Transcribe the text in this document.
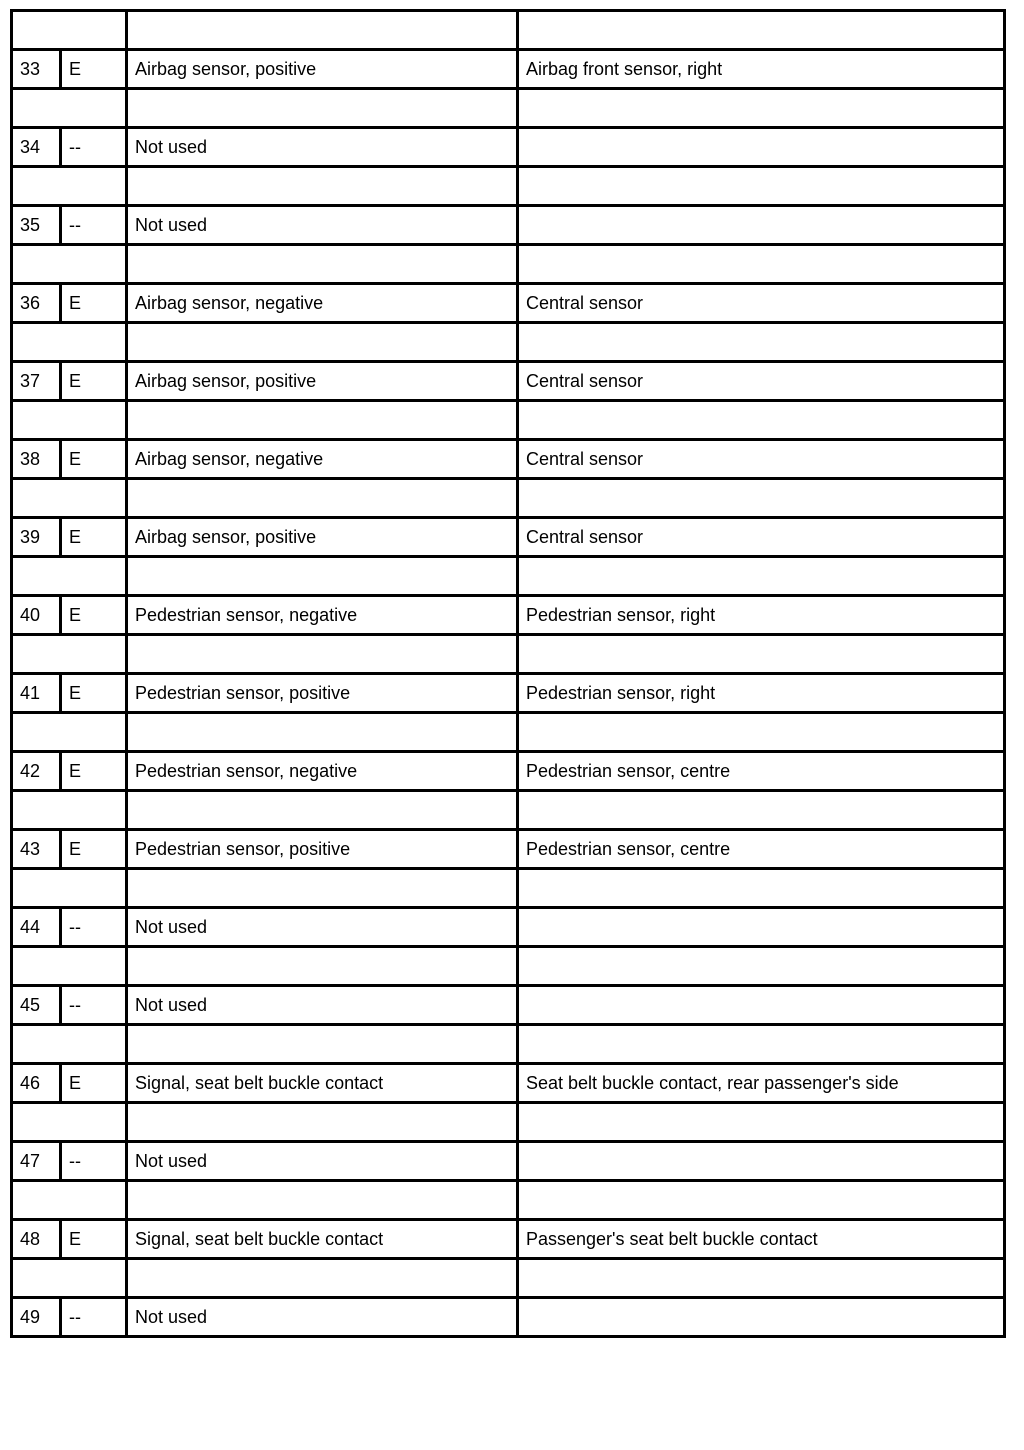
33	E	Airbag sensor, positive	Airbag front sensor, right

34	--	Not used	

35	--	Not used	

36	E	Airbag sensor, negative	Central sensor

37	E	Airbag sensor, positive	Central sensor

38	E	Airbag sensor, negative	Central sensor

39	E	Airbag sensor, positive	Central sensor

40	E	Pedestrian sensor, negative	Pedestrian sensor, right

41	E	Pedestrian sensor, positive	Pedestrian sensor, right

42	E	Pedestrian sensor, negative	Pedestrian sensor, centre

43	E	Pedestrian sensor, positive	Pedestrian sensor, centre

44	--	Not used	

45	--	Not used	

46	E	Signal, seat belt buckle contact	Seat belt buckle contact, rear passenger's side

47	--	Not used	

48	E	Signal, seat belt buckle contact	Passenger's seat belt buckle contact

49	--	Not used	
